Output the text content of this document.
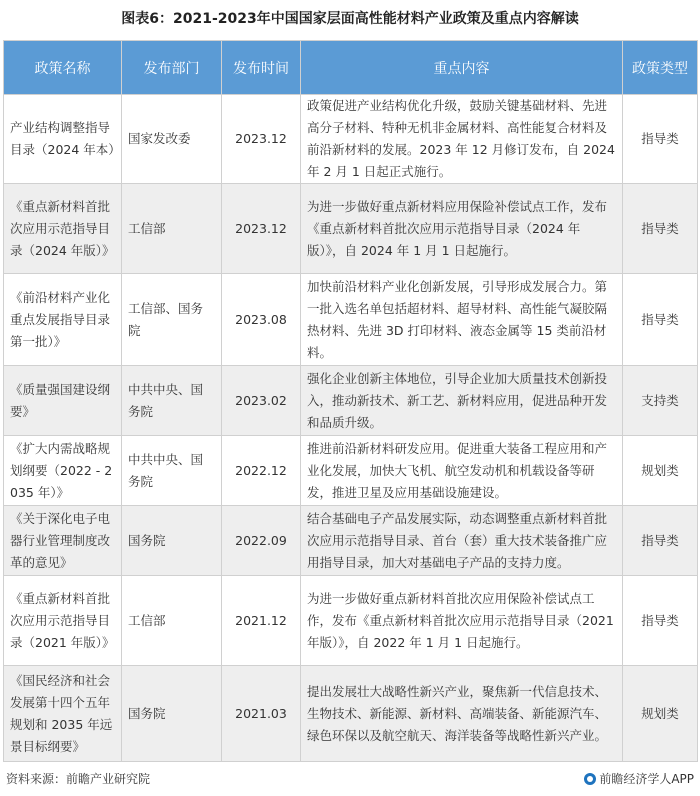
图表6：2021-2023年中国国家层面高性能材料产业政策及重点内容解读
政策名称	发布部门	发布时间	重点内容	政策类型
产业结构调整指导目录（2024 年本）	国家发改委	2023.12	政策促进产业结构优化升级，鼓励关键基础材料、先进高分子材料、特种无机非金属材料、高性能复合材料及前沿新材料的发展。2023 年 12 月修订发布，自 2024 年 2 月 1 日起正式施行。	指导类
《重点新材料首批次应用示范指导目录（2024 年版）》	工信部	2023.12	为进一步做好重点新材料应用保险补偿试点工作，发布《重点新材料首批次应用示范指导目录（2024 年版）》，自 2024 年 1 月 1 日起施行。	指导类
《前沿材料产业化重点发展指导目录第一批）》	工信部、国务院	2023.08	加快前沿材料产业化创新发展，引导形成发展合力。第一批入选名单包括超材料、超导材料、高性能气凝胶隔热材料、先进 3D 打印材料、液态金属等 15 类前沿材料。	指导类
《质量强国建设纲要》	中共中央、国务院	2023.02	强化企业创新主体地位，引导企业加大质量技术创新投入，推动新技术、新工艺、新材料应用，促进品种开发和品质升级。	支持类
《扩大内需战略规划纲要（2022 - 2035 年）》	中共中央、国务院	2022.12	推进前沿新材料研发应用。促进重大装备工程应用和产业化发展，加快大飞机、航空发动机和机载设备等研发，推进卫星及应用基础设施建设。	规划类
《关于深化电子电器行业管理制度改革的意见》	国务院	2022.09	结合基础电子产品发展实际，动态调整重点新材料首批次应用示范指导目录、首台（套）重大技术装备推广应用指导目录，加大对基础电子产品的支持力度。	指导类
《重点新材料首批次应用示范指导目录（2021 年版）》	工信部	2021.12	为进一步做好重点新材料首批次应用保险补偿试点工作，发布《重点新材料首批次应用示范指导目录（2021 年版）》，自 2022 年 1 月 1 日起施行。	指导类
《国民经济和社会发展第十四个五年规划和 2035 年远景目标纲要》	国务院	2021.03	提出发展壮大战略性新兴产业，聚焦新一代信息技术、生物技术、新能源、新材料、高端装备、新能源汽车、绿色环保以及航空航天、海洋装备等战略性新兴产业。	规划类
资料来源：前瞻产业研究院	前瞻经济学人APP
